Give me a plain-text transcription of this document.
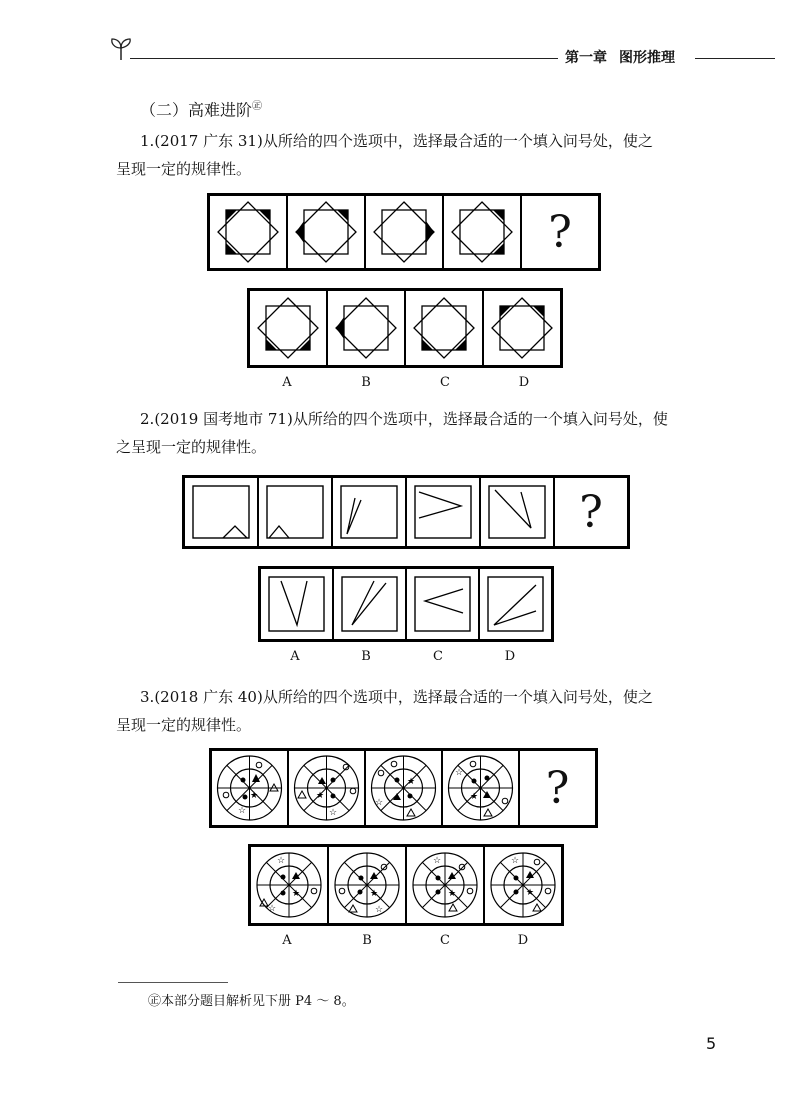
第一章 图形推理
（二）高难进阶㊣
1.(2017 广东 31)从所给的四个选项中，选择最合适的一个填入问号处，使之
呈现一定的规律性。
?
A	B	C	D
2.(2019 国考地市 71)从所给的四个选项中，选择最合适的一个填入问号处，使
之呈现一定的规律性。
?
A	B	C	D
3.(2018 广东 40)从所给的四个选项中，选择最合适的一个填入问号处，使之
呈现一定的规律性。
★
☆
★
☆
★
☆
★
☆	?
★
☆
☆
★
☆
★
☆
★
☆
A	B	C	D
㊣本部分题目解析见下册 P4 ～ 8。
5
